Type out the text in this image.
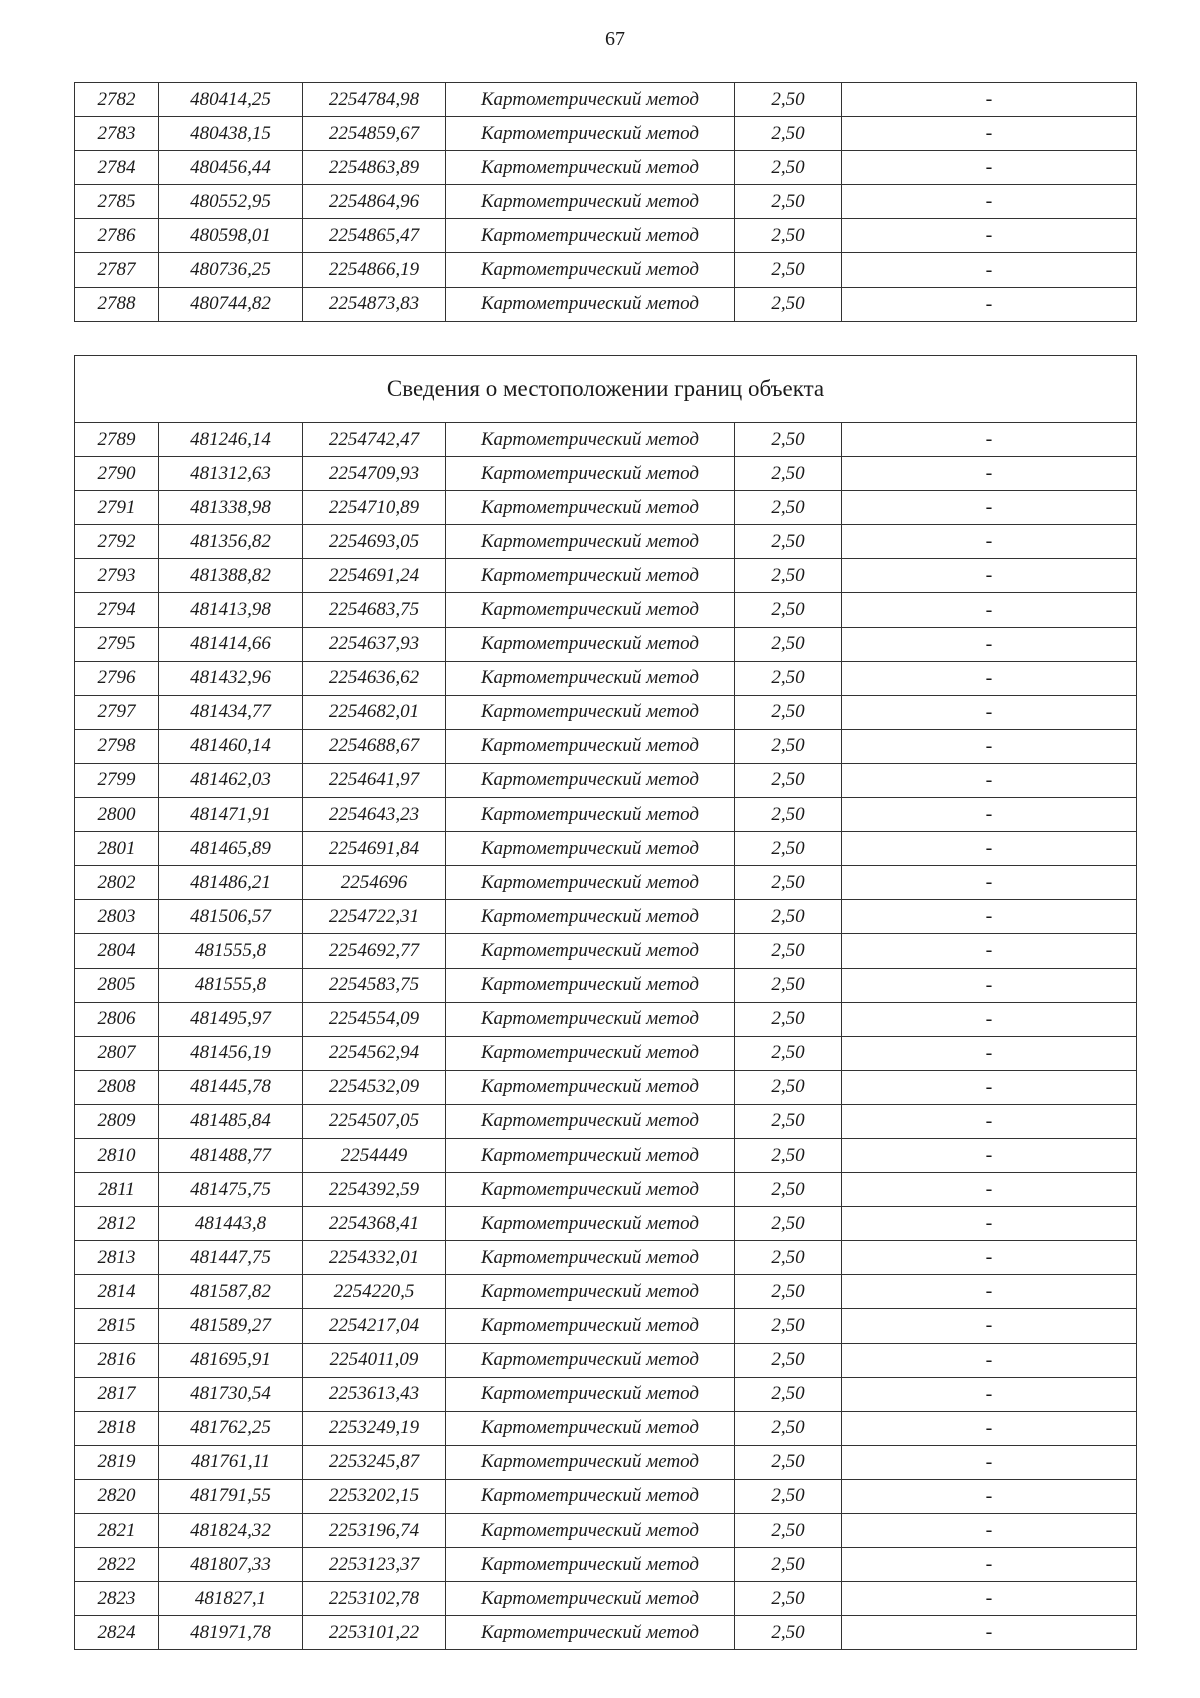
67
2782	480414,25	2254784,98	Картометрический метод	2,50	-
2783	480438,15	2254859,67	Картометрический метод	2,50	-
2784	480456,44	2254863,89	Картометрический метод	2,50	-
2785	480552,95	2254864,96	Картометрический метод	2,50	-
2786	480598,01	2254865,47	Картометрический метод	2,50	-
2787	480736,25	2254866,19	Картометрический метод	2,50	-
2788	480744,82	2254873,83	Картометрический метод	2,50	-
Сведения о местоположении границ объекта					
2789	481246,14	2254742,47	Картометрический метод	2,50	-
2790	481312,63	2254709,93	Картометрический метод	2,50	-
2791	481338,98	2254710,89	Картометрический метод	2,50	-
2792	481356,82	2254693,05	Картометрический метод	2,50	-
2793	481388,82	2254691,24	Картометрический метод	2,50	-
2794	481413,98	2254683,75	Картометрический метод	2,50	-
2795	481414,66	2254637,93	Картометрический метод	2,50	-
2796	481432,96	2254636,62	Картометрический метод	2,50	-
2797	481434,77	2254682,01	Картометрический метод	2,50	-
2798	481460,14	2254688,67	Картометрический метод	2,50	-
2799	481462,03	2254641,97	Картометрический метод	2,50	-
2800	481471,91	2254643,23	Картометрический метод	2,50	-
2801	481465,89	2254691,84	Картометрический метод	2,50	-
2802	481486,21	2254696	Картометрический метод	2,50	-
2803	481506,57	2254722,31	Картометрический метод	2,50	-
2804	481555,8	2254692,77	Картометрический метод	2,50	-
2805	481555,8	2254583,75	Картометрический метод	2,50	-
2806	481495,97	2254554,09	Картометрический метод	2,50	-
2807	481456,19	2254562,94	Картометрический метод	2,50	-
2808	481445,78	2254532,09	Картометрический метод	2,50	-
2809	481485,84	2254507,05	Картометрический метод	2,50	-
2810	481488,77	2254449	Картометрический метод	2,50	-
2811	481475,75	2254392,59	Картометрический метод	2,50	-
2812	481443,8	2254368,41	Картометрический метод	2,50	-
2813	481447,75	2254332,01	Картометрический метод	2,50	-
2814	481587,82	2254220,5	Картометрический метод	2,50	-
2815	481589,27	2254217,04	Картометрический метод	2,50	-
2816	481695,91	2254011,09	Картометрический метод	2,50	-
2817	481730,54	2253613,43	Картометрический метод	2,50	-
2818	481762,25	2253249,19	Картометрический метод	2,50	-
2819	481761,11	2253245,87	Картометрический метод	2,50	-
2820	481791,55	2253202,15	Картометрический метод	2,50	-
2821	481824,32	2253196,74	Картометрический метод	2,50	-
2822	481807,33	2253123,37	Картометрический метод	2,50	-
2823	481827,1	2253102,78	Картометрический метод	2,50	-
2824	481971,78	2253101,22	Картометрический метод	2,50	-
